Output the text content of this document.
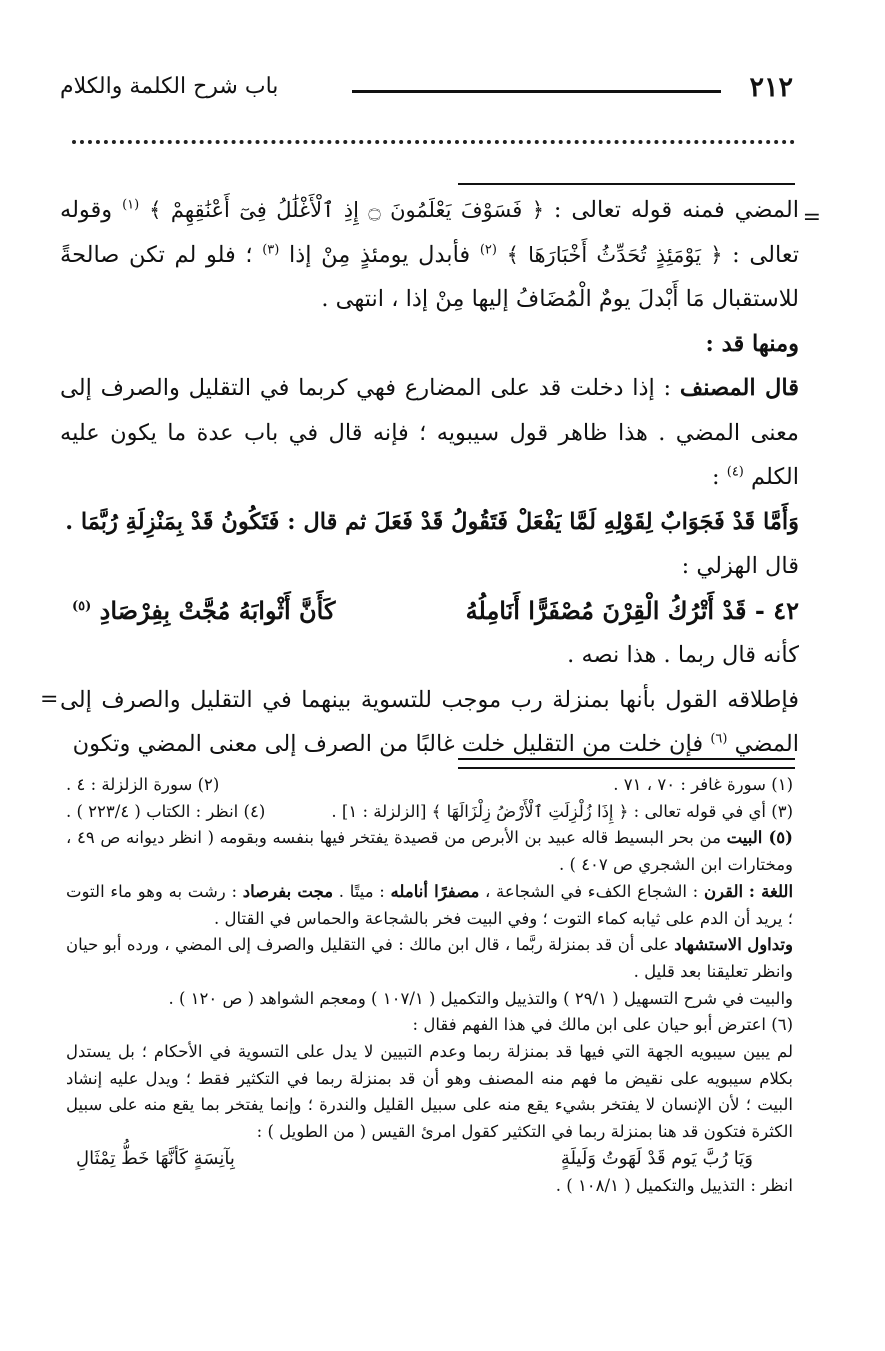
٢١٢
باب شرح الكلمة والكلام
=

المضي فمنه قوله تعالى : ﴿ فَسَوْفَ يَعْلَمُونَ ۝ إِذِ ٱلْأَغْلَٰلُ فِىٓ أَعْنَٰقِهِمْ ﴾ $^{(١)}$ وقوله تعالى : ﴿ يَوْمَئِذٍ تُحَدِّثُ أَخْبَارَهَا ﴾ $^{(٢)}$ فأبدل يومئذٍ مِنْ إذا $^{(٣)}$ ؛ فلو لم تكن صالحةً للاستقبال مَا أَبْدلَ يومٌ الْمُضَافُ إليها مِنْ إذا ، انتهى .

ومنها قد :

قال المصنف : إذا دخلت قد على المضارع فهي كربما في التقليل والصرف إلى معنى المضي . هذا ظاهر قول سيبويه ؛ فإنه قال في باب عدة ما يكون عليه الكلم $^{(٤)}$ :

وَأَمَّا قَدْ فَجَوَابٌ لِقَوْلِهِ لَمَّا يَفْعَلْ فَتَقُولُ قَدْ فَعَلَ ثم قال : فَتَكُونُ قَدْ بِمَنْزِلَةِ رُبَّمَا .

قال الهزلي :

٤٢ - قَدْ أَتْرُكُ الْقِرْنَ مُصْفَرًّا أَنَامِلُهُ
كَأَنَّ أَثْوابَهُ مُجَّتْ بِفِرْصَادِ $^{(٥)}$

كأنه قال ربما . هذا نصه .

فإطلاقه القول بأنها بمنزلة رب موجب للتسوية بينهما في التقليل والصرف إلى المضي $^{(٦)}$ فإن خلت من التقليل خلت غالبًا من الصرف إلى معنى المضي وتكون
=

(١) سورة غافر : ٧٠ ، ٧١ .
(٢) سورة الزلزلة : ٤ .

(٣) أي في قوله تعالى : ﴿ إِذَا زُلْزِلَتِ ٱلْأَرْضُ زِلْزَالَهَا ﴾ [الزلزلة : ١] .
(٤) انظر : الكتاب ( ٢٢٣/٤ ) .

(٥) البيت من بحر البسيط قاله عبيد بن الأبرص من قصيدة يفتخر فيها بنفسه وبقومه ( انظر ديوانه ص ٤٩ ، ومختارات ابن الشجري ص ٤٠٧ ) .

اللغة : القرن : الشجاع الكفء في الشجاعة ، مصفرًا أنامله : ميتًا . مجت بفرصاد : رشت به وهو ماء التوت ؛ يريد أن الدم على ثيابه كماء التوت ؛ وفي البيت فخر بالشجاعة والحماس في القتال .

وتداول الاستشهاد على أن قد بمنزلة ربَّما ، قال ابن مالك : في التقليل والصرف إلى المضي ، ورده أبو حيان وانظر تعليقنا بعد قليل .

والبيت في شرح التسهيل ( ٢٩/١ ) والتذييل والتكميل ( ١٠٧/١ ) ومعجم الشواهد ( ص ١٢٠ ) .

(٦) اعترض أبو حيان على ابن مالك في هذا الفهم فقال :

لم يبين سيبويه الجهة التي فيها قد بمنزلة ربما وعدم التبيين لا يدل على التسوية في الأحكام ؛ بل يستدل بكلام سيبويه على نقيض ما فهم منه المصنف وهو أن قد بمنزلة ربما في التكثير فقط ؛ ويدل عليه إنشاد البيت ؛ لأن الإنسان لا يفتخر بشيء يقع منه على سبيل القليل والندرة ؛ وإنما يفتخر بما يقع منه على سبيل الكثرة فتكون قد هنا بمنزلة ربما في التكثير كقول امرئ القيس ( من الطويل ) :

وَيَا رُبَّ يَوم قَدْ لَهَوتُ وَلَيلَةٍ
بِآنِسَةٍ كَأنَّهَا خَطُّ تِمْثَالِ

انظر : التذييل والتكميل ( ١٠٨/١ ) .
